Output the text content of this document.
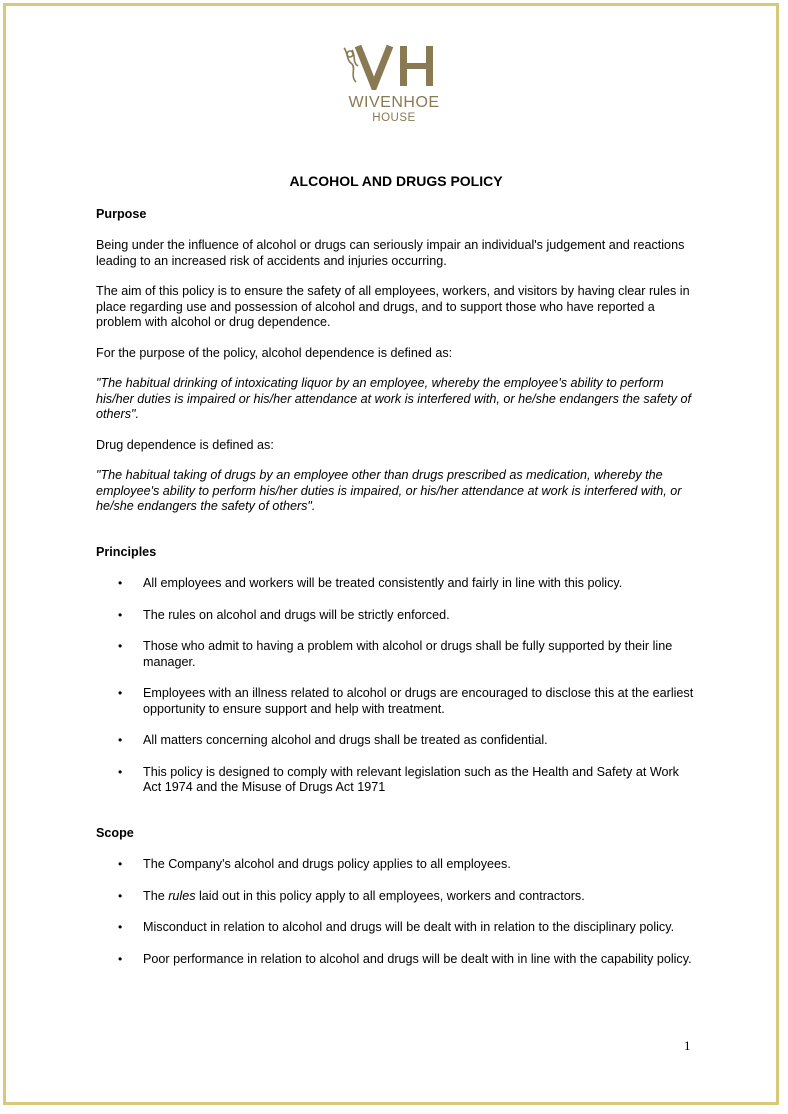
WIVENHOE
HOUSE
ALCOHOL AND DRUGS POLICY
Purpose

Being under the influence of alcohol or drugs can seriously impair an individual's judgement and reactions leading to an increased risk of accidents and injuries occurring.

The aim of this policy is to ensure the safety of all employees, workers, and visitors by having clear rules in place regarding use and possession of alcohol and drugs, and to support those who have reported a problem with alcohol or drug dependence.

For the purpose of the policy, alcohol dependence is defined as:

"The habitual drinking of intoxicating liquor by an employee, whereby the employee's ability to perform his/her duties is impaired or his/her attendance at work is interfered with, or he/she endangers the safety of others".

Drug dependence is defined as:

"The habitual taking of drugs by an employee other than drugs prescribed as medication, whereby the employee's ability to perform his/her duties is impaired, or his/her attendance at work is interfered with, or he/she endangers the safety of others".

Principles
• All employees and workers will be treated consistently and fairly in line with this policy.
• The rules on alcohol and drugs will be strictly enforced.
• Those who admit to having a problem with alcohol or drugs shall be fully supported by their line manager.
• Employees with an illness related to alcohol or drugs are encouraged to disclose this at the earliest opportunity to ensure support and help with treatment.
• All matters concerning alcohol and drugs shall be treated as confidential.
• This policy is designed to comply with relevant legislation such as the Health and Safety at Work Act 1974 and the Misuse of Drugs Act 1971
Scope
• The Company's alcohol and drugs policy applies to all employees.
• The rules laid out in this policy apply to all employees, workers and contractors.
• Misconduct in relation to alcohol and drugs will be dealt with in relation to the disciplinary policy.
• Poor performance in relation to alcohol and drugs will be dealt with in line with the capability policy.
1
